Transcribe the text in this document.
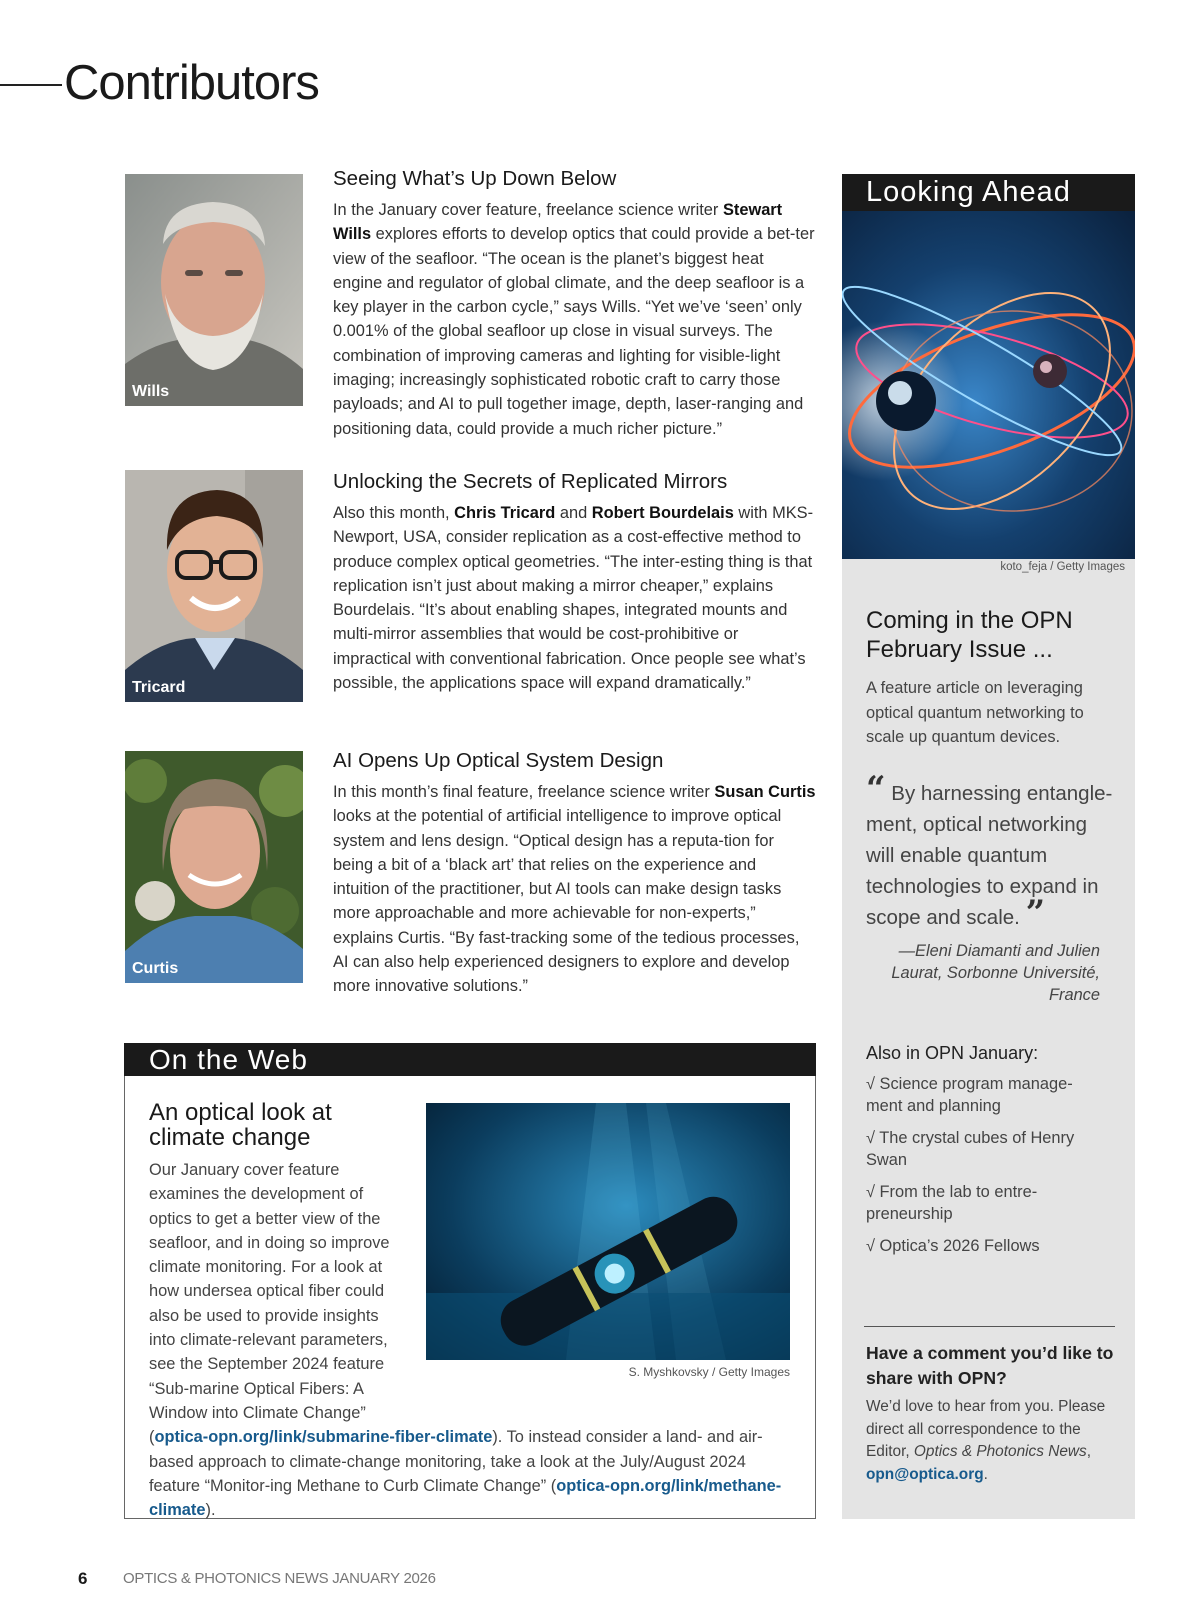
Contributors
Wills
Seeing What’s Up Down Below

In the January cover feature, freelance science writer Stewart Wills explores efforts to develop optics that could provide a bet-ter view of the seafloor. “The ocean is the planet’s biggest heat engine and regulator of global climate, and the deep seafloor is a key player in the carbon cycle,” says Wills. “Yet we’ve ‘seen’ only 0.001% of the global seafloor up close in visual surveys. The combination of improving cameras and lighting for visible-light imaging; increasingly sophisticated robotic craft to carry those payloads; and AI to pull together image, depth, laser-ranging and positioning data, could provide a much richer picture.”

Tricard
Unlocking the Secrets of Replicated Mirrors

Also this month, Chris Tricard and Robert Bourdelais with MKS-Newport, USA, consider replication as a cost-effective method to produce complex optical geometries. “The inter-esting thing is that replication isn’t just about making a mirror cheaper,” explains Bourdelais. “It’s about enabling shapes, integrated mounts and multi-mirror assemblies that would be cost-prohibitive or impractical with conventional fabrication. Once people see what’s possible, the applications space will expand dramatically.”

Curtis
AI Opens Up Optical System Design

In this month’s final feature, freelance science writer Susan Curtis looks at the potential of artificial intelligence to improve optical system and lens design. “Optical design has a reputa-tion for being a bit of a ‘black art’ that relies on the experience and intuition of the practitioner, but AI tools can make design tasks more approachable and more achievable for non-experts,” explains Curtis. “By fast-tracking some of the tedious processes, AI can also help experienced designers to explore and develop more innovative solutions.”

On the Web
An optical look at climate change
S. Myshkovsky / Getty Images
Our January cover feature examines the development of optics to get a better view of the seafloor, and in doing so improve climate monitoring. For a look at how undersea optical fiber could also be used to provide insights into climate-relevant parameters, see the September 2024 feature “Sub-marine Optical Fibers: A Window into Climate Change” (optica-opn.org/link/submarine-fiber-climate). To instead consider a land- and air-based approach to climate-change monitoring, take a look at the July/August 2024 feature “Monitor-ing Methane to Curb Climate Change” (optica-opn.org/link/methane-climate).
Looking Ahead
koto_feja / Getty Images
Coming in the OPN February Issue ...
A feature article on leveraging optical quantum networking to scale up quantum devices.
“ By harnessing entangle-ment, optical networking will enable quantum technologies to expand in scope and scale. ”
—Eleni Diamanti and Julien Laurat, Sorbonne Université, France
Also in OPN January:
√ Science program manage-ment and planning
√ The crystal cubes of Henry Swan
√ From the lab to entre-preneurship
√ Optica’s 2026 Fellows
Have a comment you’d like to share with OPN?
We’d love to hear from you. Please direct all correspondence to the Editor, Optics & Photonics News, opn@optica.org.
6 OPTICS & PHOTONICS NEWS JANUARY 2026
